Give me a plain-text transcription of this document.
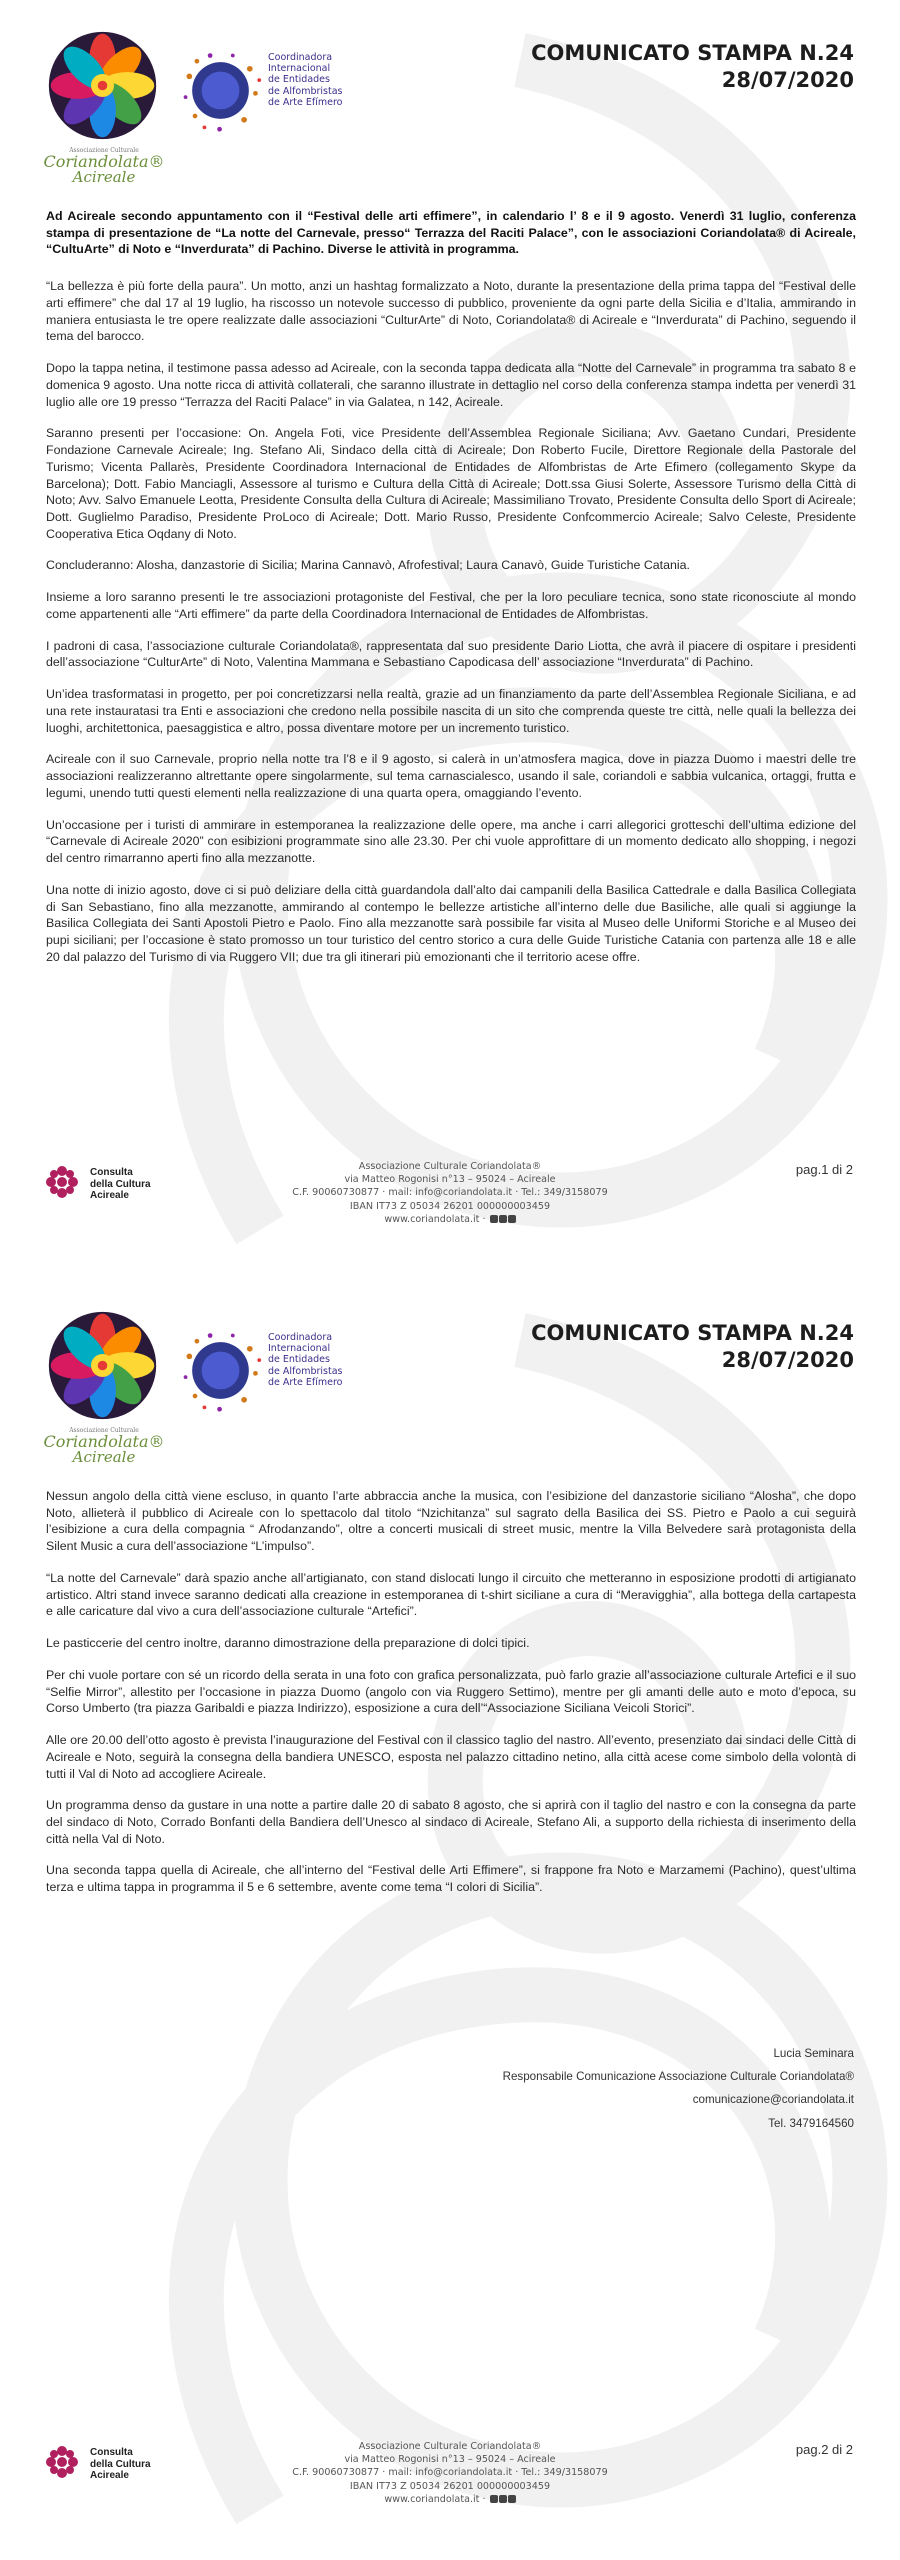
Associazione Culturale
Coriandolata®
Acireale
Coordinadora
Internacional
de Entidades
de Alfombristas
de Arte Efímero
COMUNICATO STAMPA N.24
28/07/2020

Ad Acireale secondo appuntamento con il “Festival delle arti effimere”, in calendario l’ 8 e il 9 agosto. Venerdì 31 luglio, conferenza stampa di presentazione de “La notte del Carnevale, presso“ Terrazza del Raciti Palace”, con le associazioni Coriandolata® di Acireale, “CultuArte” di Noto e “Inverdurata” di Pachino. Diverse le attività in programma.

“La bellezza è più forte della paura”. Un motto, anzi un hashtag formalizzato a Noto, durante la presentazione della prima tappa del “Festival delle arti effimere” che dal 17 al 19 luglio, ha riscosso un notevole successo di pubblico, proveniente da ogni parte della Sicilia e d’Italia, ammirando in maniera entusiasta le tre opere realizzate dalle associazioni “CulturArte” di Noto, Coriandolata® di Acireale e “Inverdurata” di Pachino, seguendo il tema del barocco.

Dopo la tappa netina, il testimone passa adesso ad Acireale, con la seconda tappa dedicata alla “Notte del Carnevale” in programma tra sabato 8 e domenica 9 agosto. Una notte ricca di attività collaterali, che saranno illustrate in dettaglio nel corso della conferenza stampa indetta per venerdì 31 luglio alle ore 19 presso “Terrazza del Raciti Palace” in via Galatea, n 142, Acireale.

Saranno presenti per l’occasione: On. Angela Foti, vice Presidente dell’Assemblea Regionale Siciliana; Avv. Gaetano Cundari, Presidente Fondazione Carnevale Acireale; Ing. Stefano Ali, Sindaco della città di Acireale; Don Roberto Fucile, Direttore Regionale della Pastorale del Turismo; Vicenta Pallarès, Presidente Coordinadora Internacional de Entidades de Alfombristas de Arte Efimero (collegamento Skype da Barcelona); Dott. Fabio Manciagli, Assessore al turismo e Cultura della Città di Acireale; Dott.ssa Giusi Solerte, Assessore Turismo della Città di Noto; Avv. Salvo Emanuele Leotta, Presidente Consulta della Cultura di Acireale; Massimiliano Trovato, Presidente Consulta dello Sport di Acireale; Dott. Guglielmo Paradiso, Presidente ProLoco di Acireale; Dott. Mario Russo, Presidente Confcommercio Acireale; Salvo Celeste, Presidente Cooperativa Etica Oqdany di Noto.

Concluderanno: Alosha, danzastorie di Sicilia; Marina Cannavò, Afrofestival; Laura Canavò, Guide Turistiche Catania.

Insieme a loro saranno presenti le tre associazioni protagoniste del Festival, che per la loro peculiare tecnica, sono state riconosciute al mondo come appartenenti alle “Arti effimere” da parte della Coordinadora Internacional de Entidades de Alfombristas.

I padroni di casa, l’associazione culturale Coriandolata®, rappresentata dal suo presidente Dario Liotta, che avrà il piacere di ospitare i presidenti dell’associazione “CulturArte” di Noto, Valentina Mammana e Sebastiano Capodicasa dell’ associazione “Inverdurata” di Pachino.

Un’idea trasformatasi in progetto, per poi concretizzarsi nella realtà, grazie ad un finanziamento da parte dell’Assemblea Regionale Siciliana, e ad una rete instauratasi tra Enti e associazioni che credono nella possibile nascita di un sito che comprenda queste tre città, nelle quali la bellezza dei luoghi, architettonica, paesaggistica e altro, possa diventare motore per un incremento turistico.

Acireale con il suo Carnevale, proprio nella notte tra l’8 e il 9 agosto, si calerà in un’atmosfera magica, dove in piazza Duomo i maestri delle tre associazioni realizzeranno altrettante opere singolarmente, sul tema carnascialesco, usando il sale, coriandoli e sabbia vulcanica, ortaggi, frutta e legumi, unendo tutti questi elementi nella realizzazione di una quarta opera, omaggiando l’evento.

Un’occasione per i turisti di ammirare in estemporanea la realizzazione delle opere, ma anche i carri allegorici grotteschi dell’ultima edizione del “Carnevale di Acireale 2020” con esibizioni programmate sino alle 23.30. Per chi vuole approfittare di un momento dedicato allo shopping, i negozi del centro rimarranno aperti fino alla mezzanotte.

Una notte di inizio agosto, dove ci si può deliziare della città guardandola dall’alto dai campanili della Basilica Cattedrale e dalla Basilica Collegiata di San Sebastiano, fino alla mezzanotte, ammirando al contempo le bellezze artistiche all’interno delle due Basiliche, alle quali si aggiunge la Basilica Collegiata dei Santi Apostoli Pietro e Paolo. Fino alla mezzanotte sarà possibile far visita al Museo delle Uniformi Storiche e al Museo dei pupi siciliani; per l’occasione è stato promosso un tour turistico del centro storico a cura delle Guide Turistiche Catania con partenza alle 18 e alle 20 dal palazzo del Turismo di via Ruggero VII; due tra gli itinerari più emozionanti che il territorio acese offre.

Consulta
della Cultura
Acireale
Associazione Culturale Coriandolata®
via Matteo Rogonisi n°13 – 95024 – Acireale
C.F. 90060730877 · mail: info@coriandolata.it · Tel.: 349/3158079
IBAN IT73 Z 05034 26201 000000003459
www.coriandolata.it ·
pag.1 di 2
Associazione Culturale
Coriandolata®
Acireale
Coordinadora
Internacional
de Entidades
de Alfombristas
de Arte Efímero
COMUNICATO STAMPA N.24
28/07/2020

Nessun angolo della città viene escluso, in quanto l’arte abbraccia anche la musica, con l’esibizione del danzastorie siciliano “Alosha”, che dopo Noto, allieterà il pubblico di Acireale con lo spettacolo dal titolo “Nzichitanza” sul sagrato della Basilica dei SS. Pietro e Paolo a cui seguirà l’esibizione a cura della compagnia “ Afrodanzando”, oltre a concerti musicali di street music, mentre la Villa Belvedere sarà protagonista della Silent Music a cura dell’associazione “L’impulso”.

“La notte del Carnevale” darà spazio anche all’artigianato, con stand dislocati lungo il circuito che metteranno in esposizione prodotti di artigianato artistico. Altri stand invece saranno dedicati alla creazione in estemporanea di t-shirt siciliane a cura di “Meravigghia”, alla bottega della cartapesta e alle caricature dal vivo a cura dell’associazione culturale “Artefici”.

Le pasticcerie del centro inoltre, daranno dimostrazione della preparazione di dolci tipici.

Per chi vuole portare con sé un ricordo della serata in una foto con grafica personalizzata, può farlo grazie all’associazione culturale Artefici e il suo “Selfie Mirror”, allestito per l’occasione in piazza Duomo (angolo con via Ruggero Settimo), mentre per gli amanti delle auto e moto d’epoca, su Corso Umberto (tra piazza Garibaldi e piazza Indirizzo), esposizione a cura dell’“Associazione Siciliana Veicoli Storici”.

Alle ore 20.00 dell’otto agosto è prevista l’inaugurazione del Festival con il classico taglio del nastro. All’evento, presenziato dai sindaci delle Città di Acireale e Noto, seguirà la consegna della bandiera UNESCO, esposta nel palazzo cittadino netino, alla città acese come simbolo della volontà di tutti il Val di Noto ad accogliere Acireale.

Un programma denso da gustare in una notte a partire dalle 20 di sabato 8 agosto, che si aprirà con il taglio del nastro e con la consegna da parte del sindaco di Noto, Corrado Bonfanti della Bandiera dell’Unesco al sindaco di Acireale, Stefano Ali, a supporto della richiesta di inserimento della città nella Val di Noto.

Una seconda tappa quella di Acireale, che all’interno del “Festival delle Arti Effimere”, si frappone fra Noto e Marzamemi (Pachino), quest’ultima terza e ultima tappa in programma il 5 e 6 settembre, avente come tema “I colori di Sicilia”.

Lucia Seminara
Responsabile Comunicazione Associazione Culturale Coriandolata®
comunicazione@coriandolata.it
Tel. 3479164560
Consulta
della Cultura
Acireale
Associazione Culturale Coriandolata®
via Matteo Rogonisi n°13 – 95024 – Acireale
C.F. 90060730877 · mail: info@coriandolata.it · Tel.: 349/3158079
IBAN IT73 Z 05034 26201 000000003459
www.coriandolata.it ·
pag.2 di 2
